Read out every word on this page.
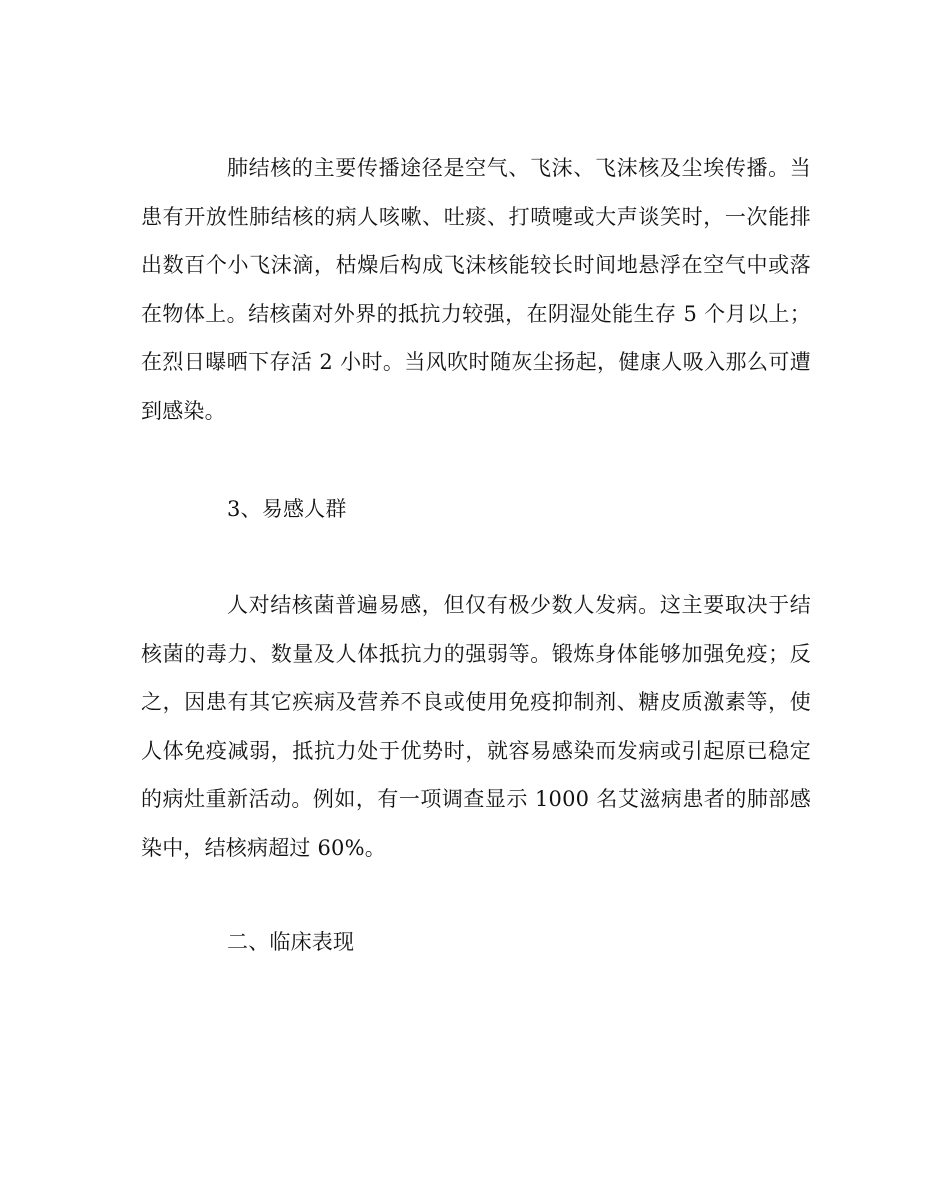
肺结核的主要传播途径是空气、飞沫、飞沫核及尘埃传播。当患有开放性肺结核的病人咳嗽、吐痰、打喷嚏或大声谈笑时，一次能排出数百个小飞沫滴，枯燥后构成飞沫核能较长时间地悬浮在空气中或落在物体上。结核菌对外界的抵抗力较强，在阴湿处能生存 5 个月以上；在烈日曝晒下存活 2 小时。当风吹时随灰尘扬起，健康人吸入那么可遭到感染。

3、易感人群

人对结核菌普遍易感，但仅有极少数人发病。这主要取决于结核菌的毒力、数量及人体抵抗力的强弱等。锻炼身体能够加强免疫；反之，因患有其它疾病及营养不良或使用免疫抑制剂、糖皮质激素等，使人体免疫减弱，抵抗力处于优势时，就容易感染而发病或引起原已稳定的病灶重新活动。例如，有一项调查显示 1000 名艾滋病患者的肺部感染中，结核病超过 60%。

二、临床表现
